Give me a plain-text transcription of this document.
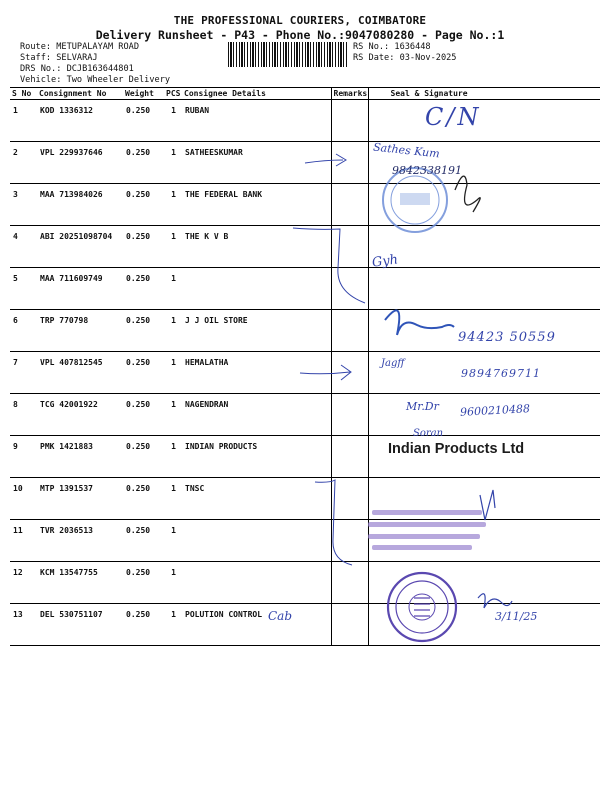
THE PROFESSIONAL COURIERS, COIMBATORE
Delivery Runsheet - P43 - Phone No.:9047080280 - Page No.:1
Route: METUPALAYAM ROAD
Staff: SELVARAJ
DRS No.: DCJB163644801
Vehicle: Two Wheeler Delivery
RS No.: 1636448
RS Date: 03-Nov-2025
S No	Consignment No	Weight	PCS	Consignee Details	Remarks	Seal & Signature
1	KOD 1336312	0.250	1	RUBAN		
2	VPL 229937646	0.250	1	SATHEESKUMAR		
3	MAA 713984026	0.250	1	THE FEDERAL BANK		
4	ABI 20251098704	0.250	1	THE K V B		
5	MAA 711609749	0.250	1			
6	TRP 770798	0.250	1	J J OIL STORE		
7	VPL 407812545	0.250	1	HEMALATHA		
8	TCG 42001922	0.250	1	NAGENDRAN		
9	PMK 1421883	0.250	1	INDIAN PRODUCTS		
10	MTP 1391537	0.250	1	TNSC		
11	TVR 2036513	0.250	1			
12	KCM 13547755	0.250	1			
13	DEL 530751107	0.250	1	POLUTION CONTROL		
C/N
Sathes Kum
9842338191
Gyh
94423 50559
Jagff
9894769711
Mr.Dr 9600210488
Soran
Indian Products Ltd
Cab	3/11/25
